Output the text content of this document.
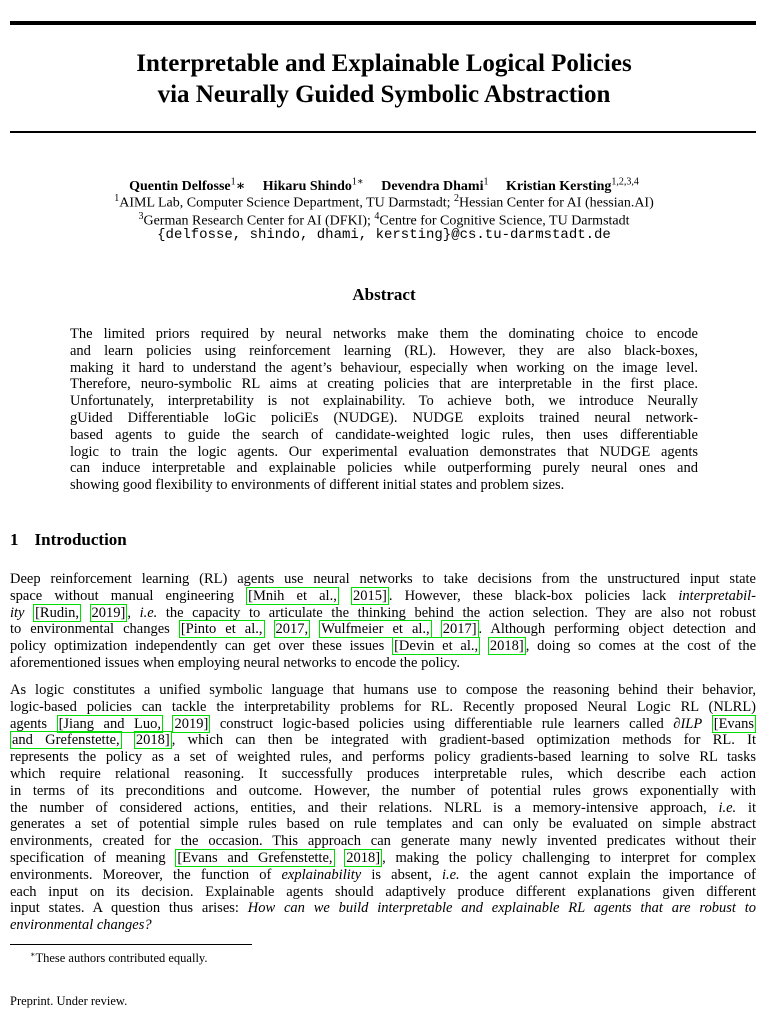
Interpretable and Explainable Logical Policies
via Neurally Guided Symbolic Abstraction
Quentin Delfosse$^1$∗ Hikaru Shindo$^{1∗}$ Devendra Dhami$^1$ Kristian Kersting$^{1,2,3,4}$
$^1$AIML Lab, Computer Science Department, TU Darmstadt; $^2$Hessian Center for AI (hessian.AI)
$^3$German Research Center for AI (DFKI); $^4$Centre for Cognitive Science, TU Darmstadt
{delfosse, shindo, dhami, kersting}@cs.tu-darmstadt.de
Abstract
The limited priors required by neural networks make them the dominating choice to encode
and learn policies using reinforcement learning (RL). However, they are also black-boxes,
making it hard to understand the agent’s behaviour, especially when working on the image level.
Therefore, neuro-symbolic RL aims at creating policies that are interpretable in the first place.
Unfortunately, interpretability is not explainability. To achieve both, we introduce Neurally
gUided Differentiable loGic policiEs (NUDGE). NUDGE exploits trained neural network-
based agents to guide the search of candidate-weighted logic rules, then uses differentiable
logic to train the logic agents. Our experimental evaluation demonstrates that NUDGE agents
can induce interpretable and explainable policies while outperforming purely neural ones and
showing good flexibility to environments of different initial states and problem sizes.
1 Introduction
Deep reinforcement learning (RL) agents use neural networks to take decisions from the unstructured input state
space without manual engineering [Mnih et al., 2015] . However, these black-box policies lack interpretabil-
ity [Rudin, 2019] , i.e. the capacity to articulate the thinking behind the action selection. They are also not robust
to environmental changes [Pinto et al., 2017, Wulfmeier et al., 2017] . Although performing object detection and
policy optimization independently can get over these issues [Devin et al., 2018] , doing so comes at the cost of the
aforementioned issues when employing neural networks to encode the policy.
As logic constitutes a unified symbolic language that humans use to compose the reasoning behind their behavior,
logic-based policies can tackle the interpretability problems for RL. Recently proposed Neural Logic RL (NLRL)
agents [Jiang and Luo, 2019] construct logic-based policies using differentiable rule learners called ∂ILP [Evans
and Grefenstette, 2018] , which can then be integrated with gradient-based optimization methods for RL. It
represents the policy as a set of weighted rules, and performs policy gradients-based learning to solve RL tasks
which require relational reasoning. It successfully produces interpretable rules, which describe each action
in terms of its preconditions and outcome. However, the number of potential rules grows exponentially with
the number of considered actions, entities, and their relations. NLRL is a memory-intensive approach, i.e. it
generates a set of potential simple rules based on rule templates and can only be evaluated on simple abstract
environments, created for the occasion. This approach can generate many newly invented predicates without their
specification of meaning [Evans and Grefenstette, 2018] , making the policy challenging to interpret for complex
environments. Moreover, the function of explainability is absent, i.e. the agent cannot explain the importance of
each input on its decision. Explainable agents should adaptively produce different explanations given different
input states. A question thus arises: How can we build interpretable and explainable RL agents that are robust to
environmental changes?
∗These authors contributed equally.
Preprint. Under review.
